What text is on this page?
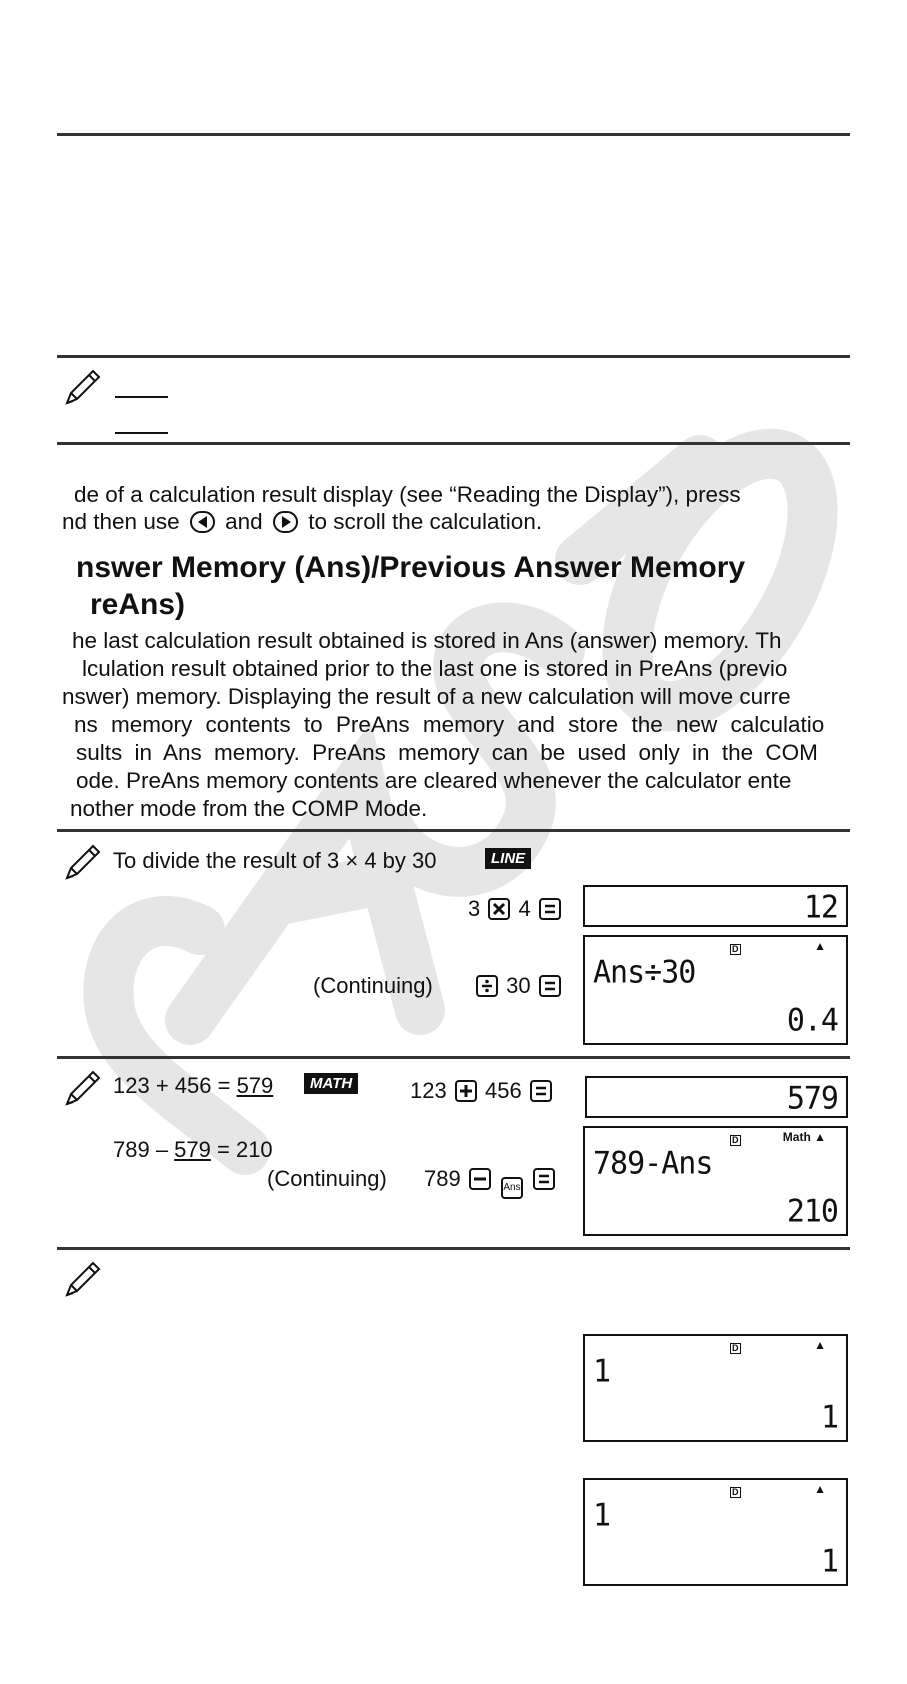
de of a calculation result display (see “Reading the Display”), press
nd then use and to scroll the calculation.
nswer Memory (Ans)/Previous Answer Memory
reAns)
he last calculation result obtained is stored in Ans (answer) memory. Th
lculation result obtained prior to the last one is stored in PreAns (previo
nswer) memory. Displaying the result of a new calculation will move curre
ns memory contents to PreAns memory and store the new calculatio
sults in Ans memory. PreAns memory can be used only in the COM
ode. PreAns memory contents are cleared whenever the calculator ente
nother mode from the COMP Mode.
To divide the result of 3 × 4 by 30	LINE
3 4	12
(Continuing)	30
D	▲
Ans÷30
0.4
123 + 456 = 579	MATH	123 456	579
789 – 579 = 210
(Continuing) 789	Ans
D	Math ▲
789-Ans
210
D	▲
1
1
D	▲
1
1
